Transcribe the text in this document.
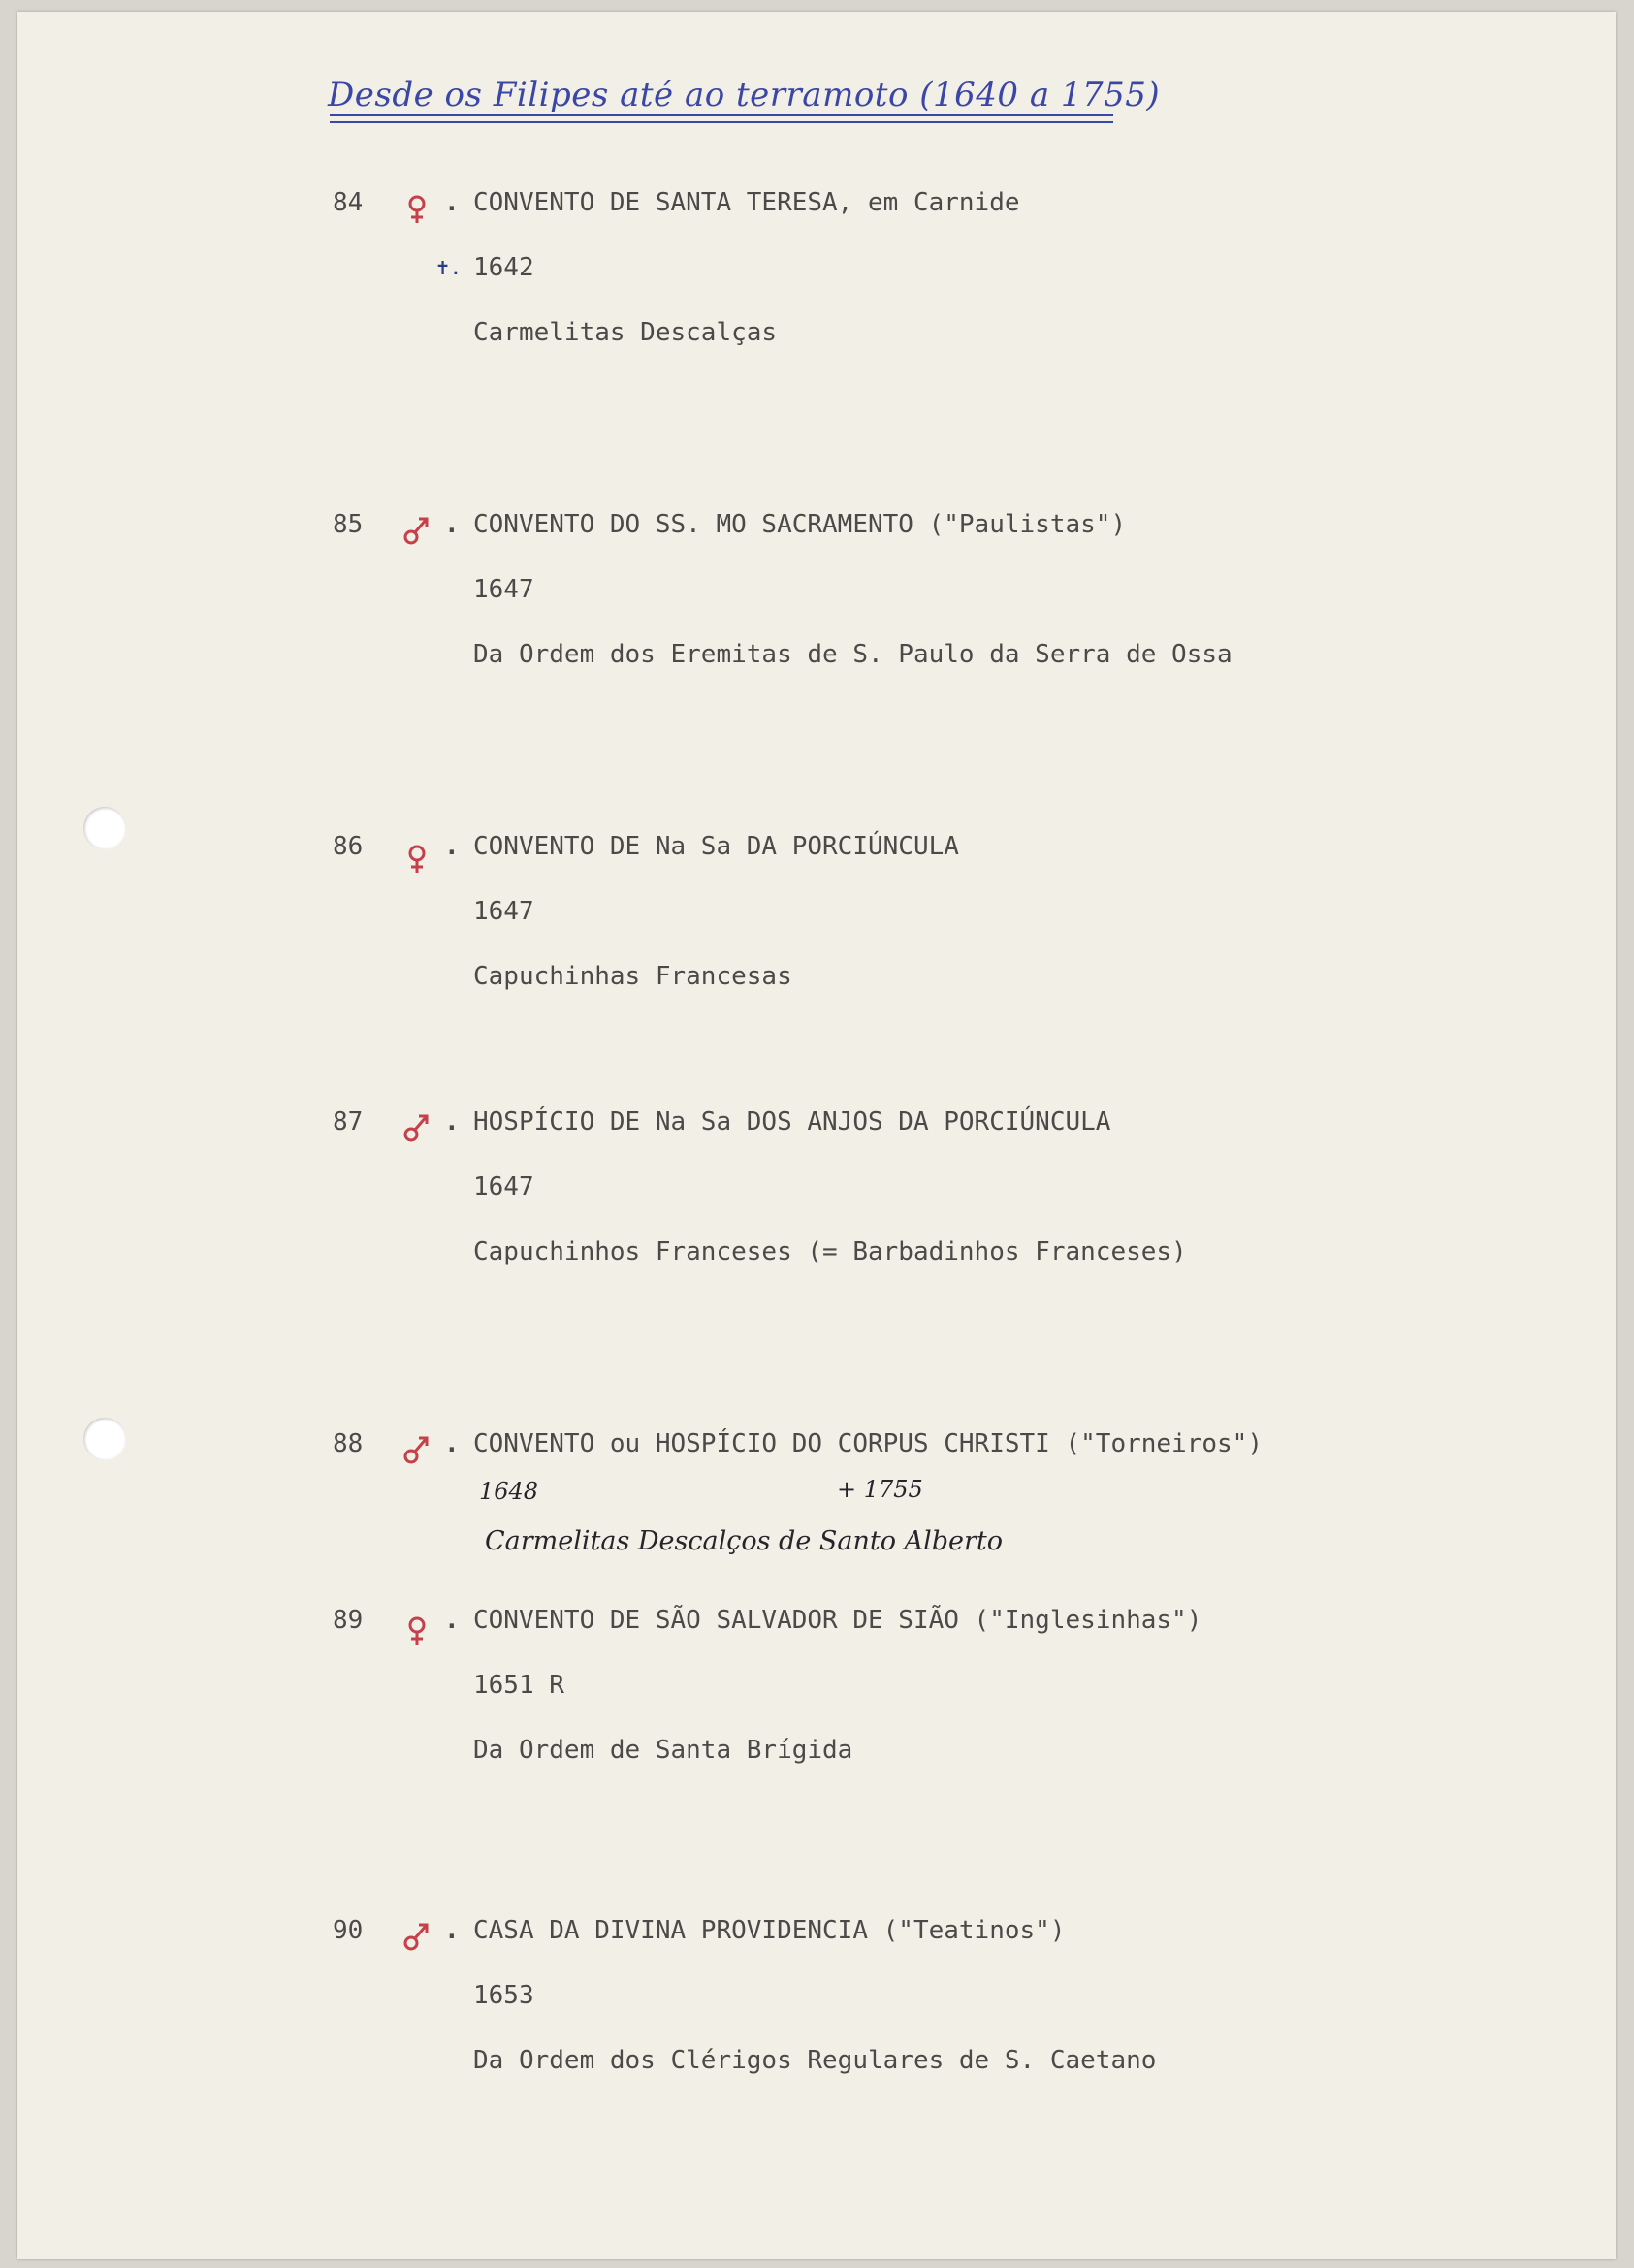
Desde os Filipes até ao terramoto (1640 a 1755)
84	. CONVENTO DE SANTA TERESA, em Carnide
✝. 1642
Carmelitas Descalças
85	. CONVENTO DO SS. MO SACRAMENTO ("Paulistas")
1647
Da Ordem dos Eremitas de S. Paulo da Serra de Ossa
86	. CONVENTO DE Na Sa DA PORCIÚNCULA
1647
Capuchinhas Francesas
87	. HOSPÍCIO DE Na Sa DOS ANJOS DA PORCIÚNCULA
1647
Capuchinhos Franceses (= Barbadinhos Franceses)
88	. CONVENTO ou HOSPÍCIO DO CORPUS CHRISTI ("Torneiros")
1648	+ 1755
Carmelitas Descalços de Santo Alberto
89	. CONVENTO DE SÃO SALVADOR DE SIÃO ("Inglesinhas")
1651 R
Da Ordem de Santa Brígida
90	. CASA DA DIVINA PROVIDENCIA ("Teatinos")
1653
Da Ordem dos Clérigos Regulares de S. Caetano
